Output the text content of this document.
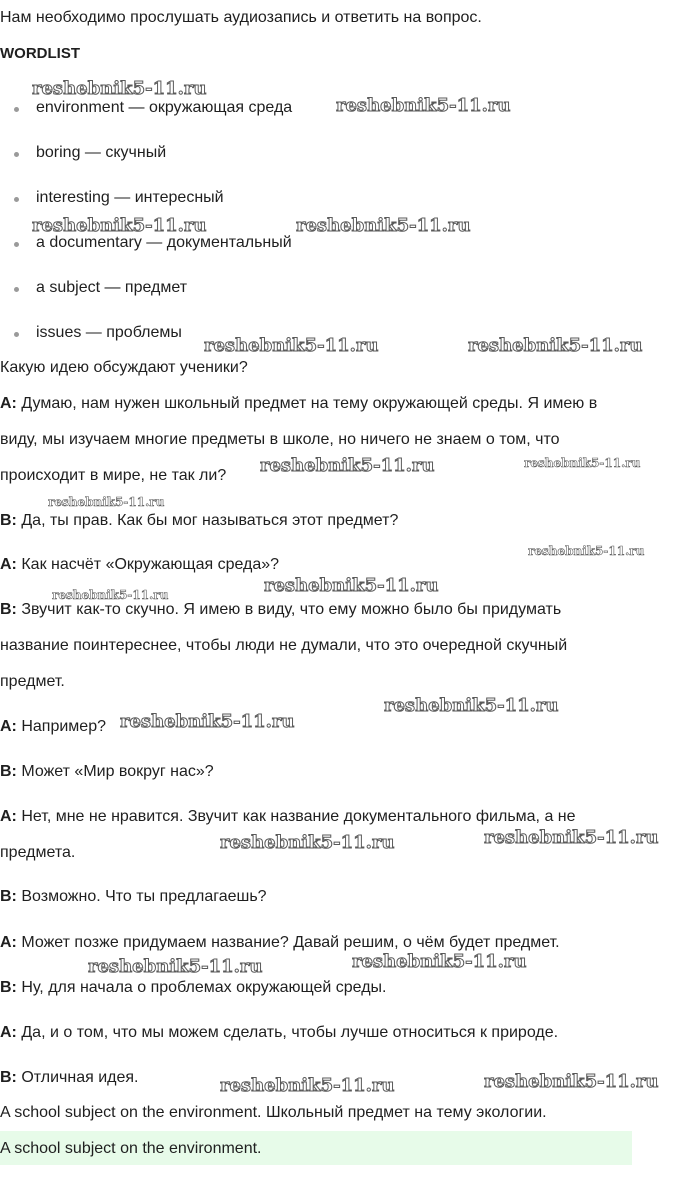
Нам необходимо прослушать аудиозапись и ответить на вопрос.
WORDLIST
environment — окружающая среда
boring — скучный
interesting — интересный
a documentary — документальный
a subject — предмет
issues — проблемы
Какую идею обсуждают ученики?
A: Думаю, нам нужен школьный предмет на тему окружающей среды. Я имею в
виду, мы изучаем многие предметы в школе, но ничего не знаем о том, что
происходит в мире, не так ли?
B: Да, ты прав. Как бы мог называться этот предмет?
A: Как насчёт «Окружающая среда»?
B: Звучит как-то скучно. Я имею в виду, что ему можно было бы придумать
название поинтереснее, чтобы люди не думали, что это очередной скучный
предмет.
A: Например?
B: Может «Мир вокруг нас»?
A: Нет, мне не нравится. Звучит как название документального фильма, а не
предмета.
B: Возможно. Что ты предлагаешь?
A: Может позже придумаем название? Давай решим, о чём будет предмет.
B: Ну, для начала о проблемах окружающей среды.
A: Да, и о том, что мы можем сделать, чтобы лучше относиться к природе.
B: Отличная идея.
A school subject on the environment. Школьный предмет на тему экологии.
A school subject on the environment.
reshebnik5-11.ru
reshebnik5-11.ru
reshebnik5-11.ru	reshebnik5-11.ru
reshebnik5-11.ru	reshebnik5-11.ru
reshebnik5-11.ru	reshebnik5-11.ru
reshebnik5-11.ru
reshebnik5-11.ru
reshebnik5-11.ru	reshebnik5-11.ru
reshebnik5-11.ru
reshebnik5-11.ru
reshebnik5-11.ru
reshebnik5-11.ru
reshebnik5-11.ru
reshebnik5-11.ru
reshebnik5-11.ru
reshebnik5-11.ru
